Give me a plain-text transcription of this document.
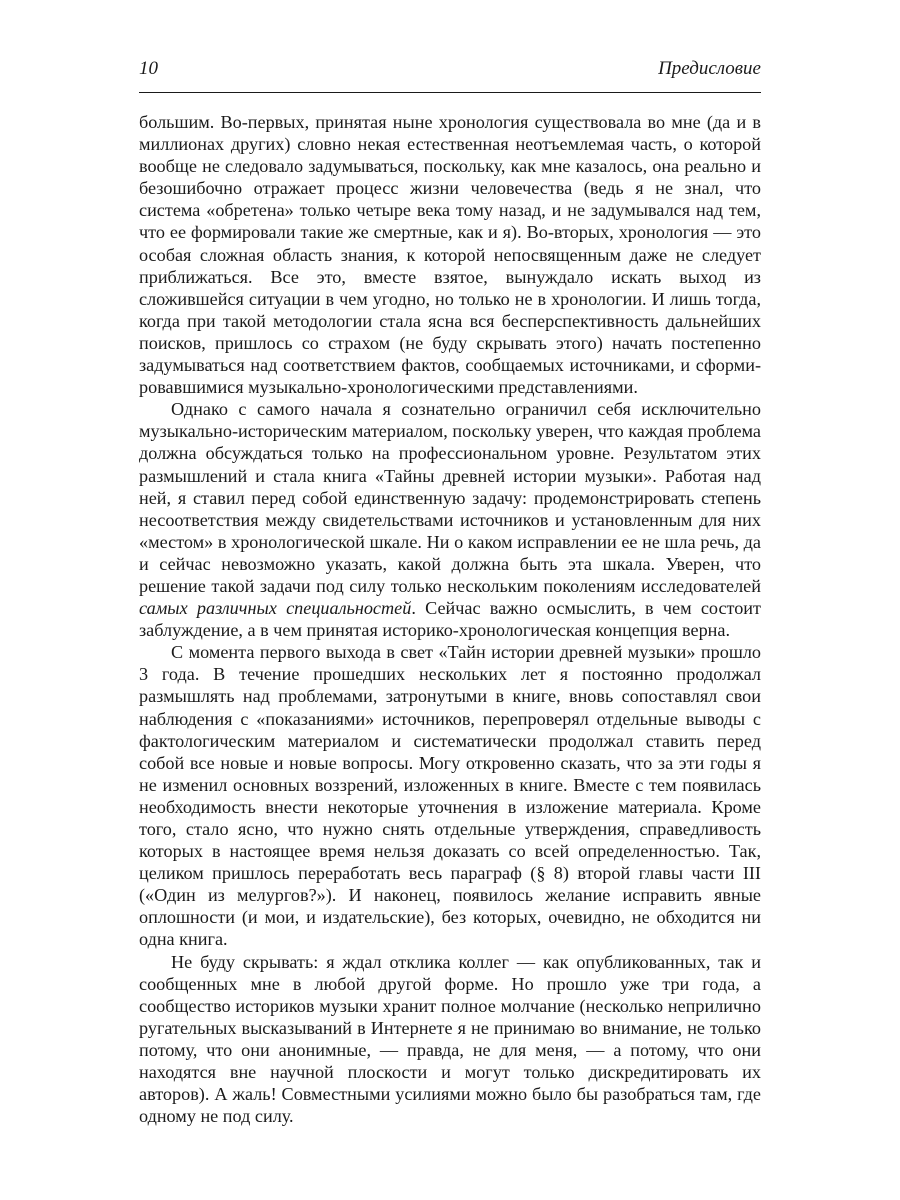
10	Предисловие

большим. Во-первых, принятая ныне хронология существовала во мне (да и в миллионах других) словно некая естественная неотъемлемая часть, о которой вообще не следовало задумываться, поскольку, как мне казалось, она реально и безошибочно отражает процесс жизни человечества (ведь я не знал, что система «обретена» только четыре века тому назад, и не задумывался над тем, что ее формировали такие же смертные, как и я). Во-вторых, хронология — это особая сложная область знания, к которой непосвященным даже не следует приближаться. Все это, вместе взятое, вынуждало искать выход из сложившейся ситуации в чем угодно, но только не в хронологии. И лишь тогда, когда при такой методологии стала ясна вся бесперспективность дальнейших поисков, пришлось со страхом (не буду скрывать этого) начать постепенно задумываться над соответствием фактов, сообщаемых источниками, и сформировавшимися музыкально-хронологическими представлениями.

Однако с самого начала я сознательно ограничил себя исключительно музыкально-историческим материалом, поскольку уверен, что каждая проблема должна обсуждаться только на профессиональном уровне. Результатом этих размышлений и стала книга «Тайны древней истории музыки». Работая над ней, я ставил перед собой единственную задачу: продемонстрировать степень несоответствия между свидетельствами источников и установленным для них «местом» в хронологической шкале. Ни о каком исправлении ее не шла речь, да и сейчас невозможно указать, какой должна быть эта шкала. Уверен, что решение такой задачи под силу только нескольким поколениям исследователей самых различных специальностей. Сейчас важно осмыслить, в чем состоит заблуждение, а в чем принятая историко-хронологическая концепция верна.

С момента первого выхода в свет «Тайн истории древней музыки» прошло 3 года. В течение прошедших нескольких лет я постоянно продолжал размышлять над проблемами, затронутыми в книге, вновь сопоставлял свои наблюдения с «показаниями» источников, перепроверял отдельные выводы с фактологическим материалом и систематически продолжал ставить перед собой все новые и новые вопросы. Могу откровенно сказать, что за эти годы я не изменил основных воззрений, изложенных в книге. Вместе с тем появилась необходимость внести некоторые уточнения в изложение материала. Кроме того, стало ясно, что нужно снять отдельные утверждения, справедливость которых в настоящее время нельзя доказать со всей определенностью. Так, целиком пришлось переработать весь параграф (§ 8) второй главы части III («Один из мелургов?»). И наконец, появилось желание исправить явные оплошности (и мои, и издательские), без которых, очевидно, не обходится ни одна книга.

Не буду скрывать: я ждал отклика коллег — как опубликованных, так и сообщенных мне в любой другой форме. Но прошло уже три года, а сообщество историков музыки хранит полное молчание (несколько неприлично ругательных высказываний в Интернете я не принимаю во внимание, не только потому, что они анонимные, — правда, не для меня, — а потому, что они находятся вне научной плоскости и могут только дискредитировать их авторов). А жаль! Совместными усилиями можно было бы разобраться там, где одному не под силу.
